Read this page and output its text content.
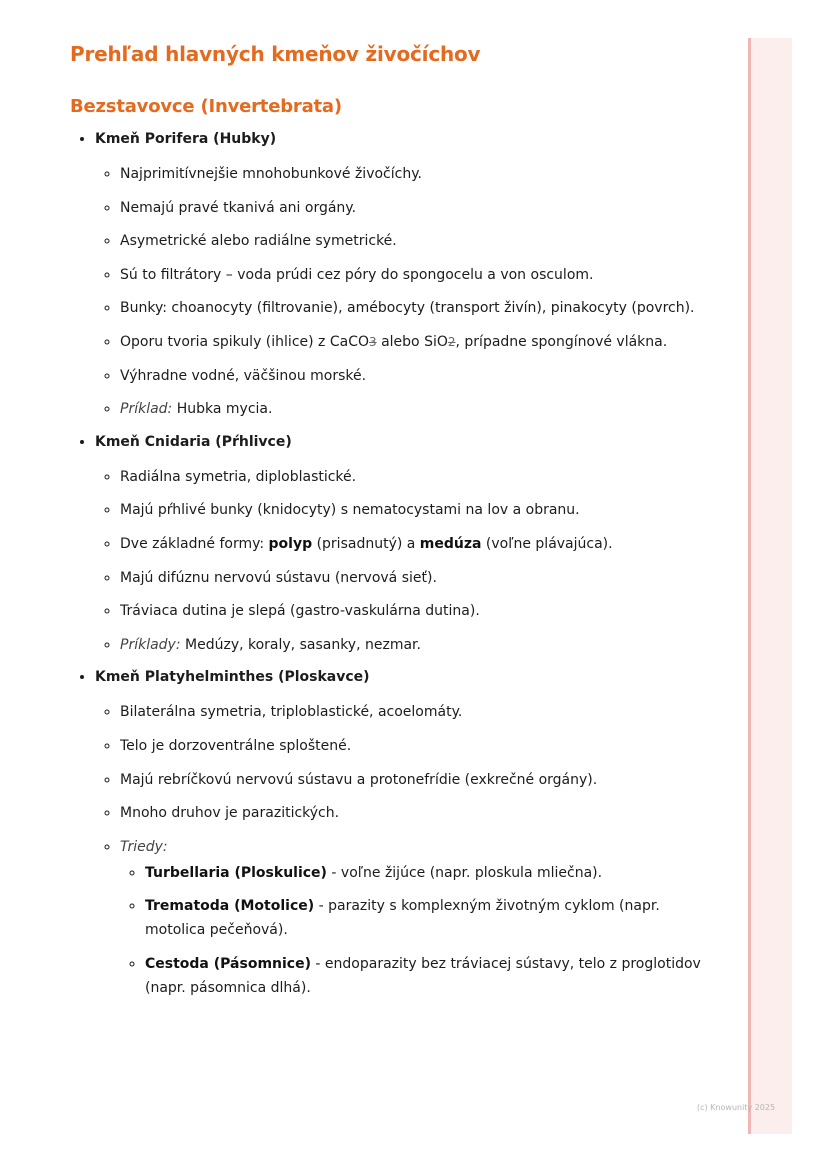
Prehľad hlavných kmeňov živočíchov
Bezstavovce (Invertebrata)
• Kmeň Porifera (Hubky)
◦ Najprimitívnejšie mnohobunkové živočíchy.
◦ Nemajú pravé tkanivá ani orgány.
◦ Asymetrické alebo radiálne symetrické.
◦ Sú to filtrátory – voda prúdi cez póry do spongocelu a von osculom.
◦ Bunky: choanocyty (filtrovanie), amébocyty (transport živín), pinakocyty (povrch).
◦ Oporu tvoria spikuly (ihlice) z CaCO3 alebo SiO2, prípadne spongínové vlákna.
◦ Výhradne vodné, väčšinou morské.
◦ Príklad: Hubka mycia.
• Kmeň Cnidaria (Pŕhlivce)
◦ Radiálna symetria, diploblastické.
◦ Majú pŕhlivé bunky (knidocyty) s nematocystami na lov a obranu.
◦ Dve základné formy: polyp (prisadnutý) a medúza (voľne plávajúca).
◦ Majú difúznu nervovú sústavu (nervová sieť).
◦ Tráviaca dutina je slepá (gastro-vaskulárna dutina).
◦ Príklady: Medúzy, koraly, sasanky, nezmar.
• Kmeň Platyhelminthes (Ploskavce)
◦ Bilaterálna symetria, triploblastické, acoelomáty.
◦ Telo je dorzoventrálne sploštené.
◦ Majú rebríčkovú nervovú sústavu a protonefrídie (exkrečné orgány).
◦ Mnoho druhov je parazitických.
◦ Triedy:
◦ Turbellaria (Ploskulice) - voľne žijúce (napr. ploskula mliečna).
◦ Trematoda (Motolice) - parazity s komplexným životným cyklom (napr. motolica pečeňová).
◦ Cestoda (Pásomnice) - endoparazity bez tráviacej sústavy, telo z proglotidov (napr. pásomnica dlhá).
(c) Knowunity 2025
